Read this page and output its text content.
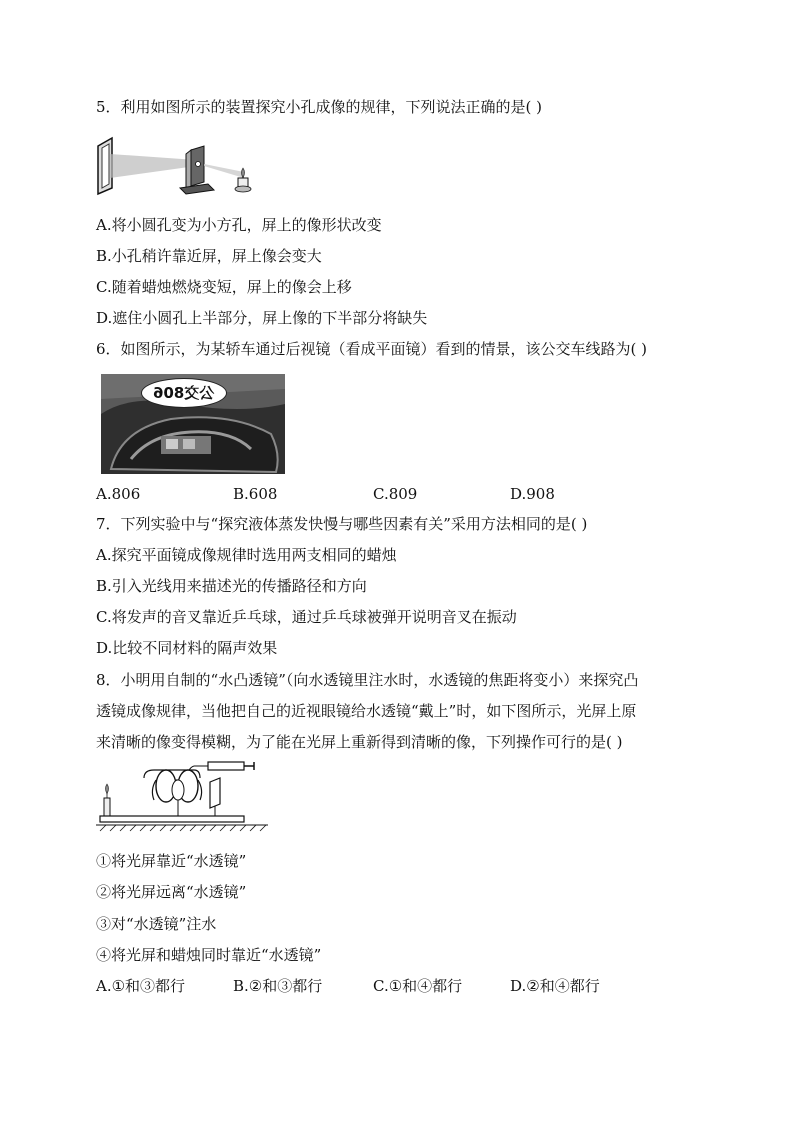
5．利用如图所示的装置探究小孔成像的规律，下列说法正确的是( )
A.将小圆孔变为小方孔，屏上的像形状改变
B.小孔稍许靠近屏，屏上像会变大
C.随着蜡烛燃烧变短，屏上的像会上移
D.遮住小圆孔上半部分，屏上像的下半部分将缺失
6．如图所示，为某轿车通过后视镜（看成平面镜）看到的情景，该公交车线路为( )
公交806
A.806	B.608	C.809	D.908
7．下列实验中与“探究液体蒸发快慢与哪些因素有关”采用方法相同的是( )
A.探究平面镜成像规律时选用两支相同的蜡烛
B.引入光线用来描述光的传播路径和方向
C.将发声的音叉靠近乒乓球，通过乒乓球被弹开说明音叉在振动
D.比较不同材料的隔声效果
8．小明用自制的“水凸透镜”（向水透镜里注水时，水透镜的焦距将变小）来探究凸
透镜成像规律，当他把自己的近视眼镜给水透镜“戴上”时，如下图所示，光屏上原
来清晰的像变得模糊，为了能在光屏上重新得到清晰的像，下列操作可行的是( )
①将光屏靠近“水透镜”
②将光屏远离“水透镜”
③对“水透镜”注水
④将光屏和蜡烛同时靠近“水透镜”
A.①和③都行	B.②和③都行	C.①和④都行	D.②和④都行
